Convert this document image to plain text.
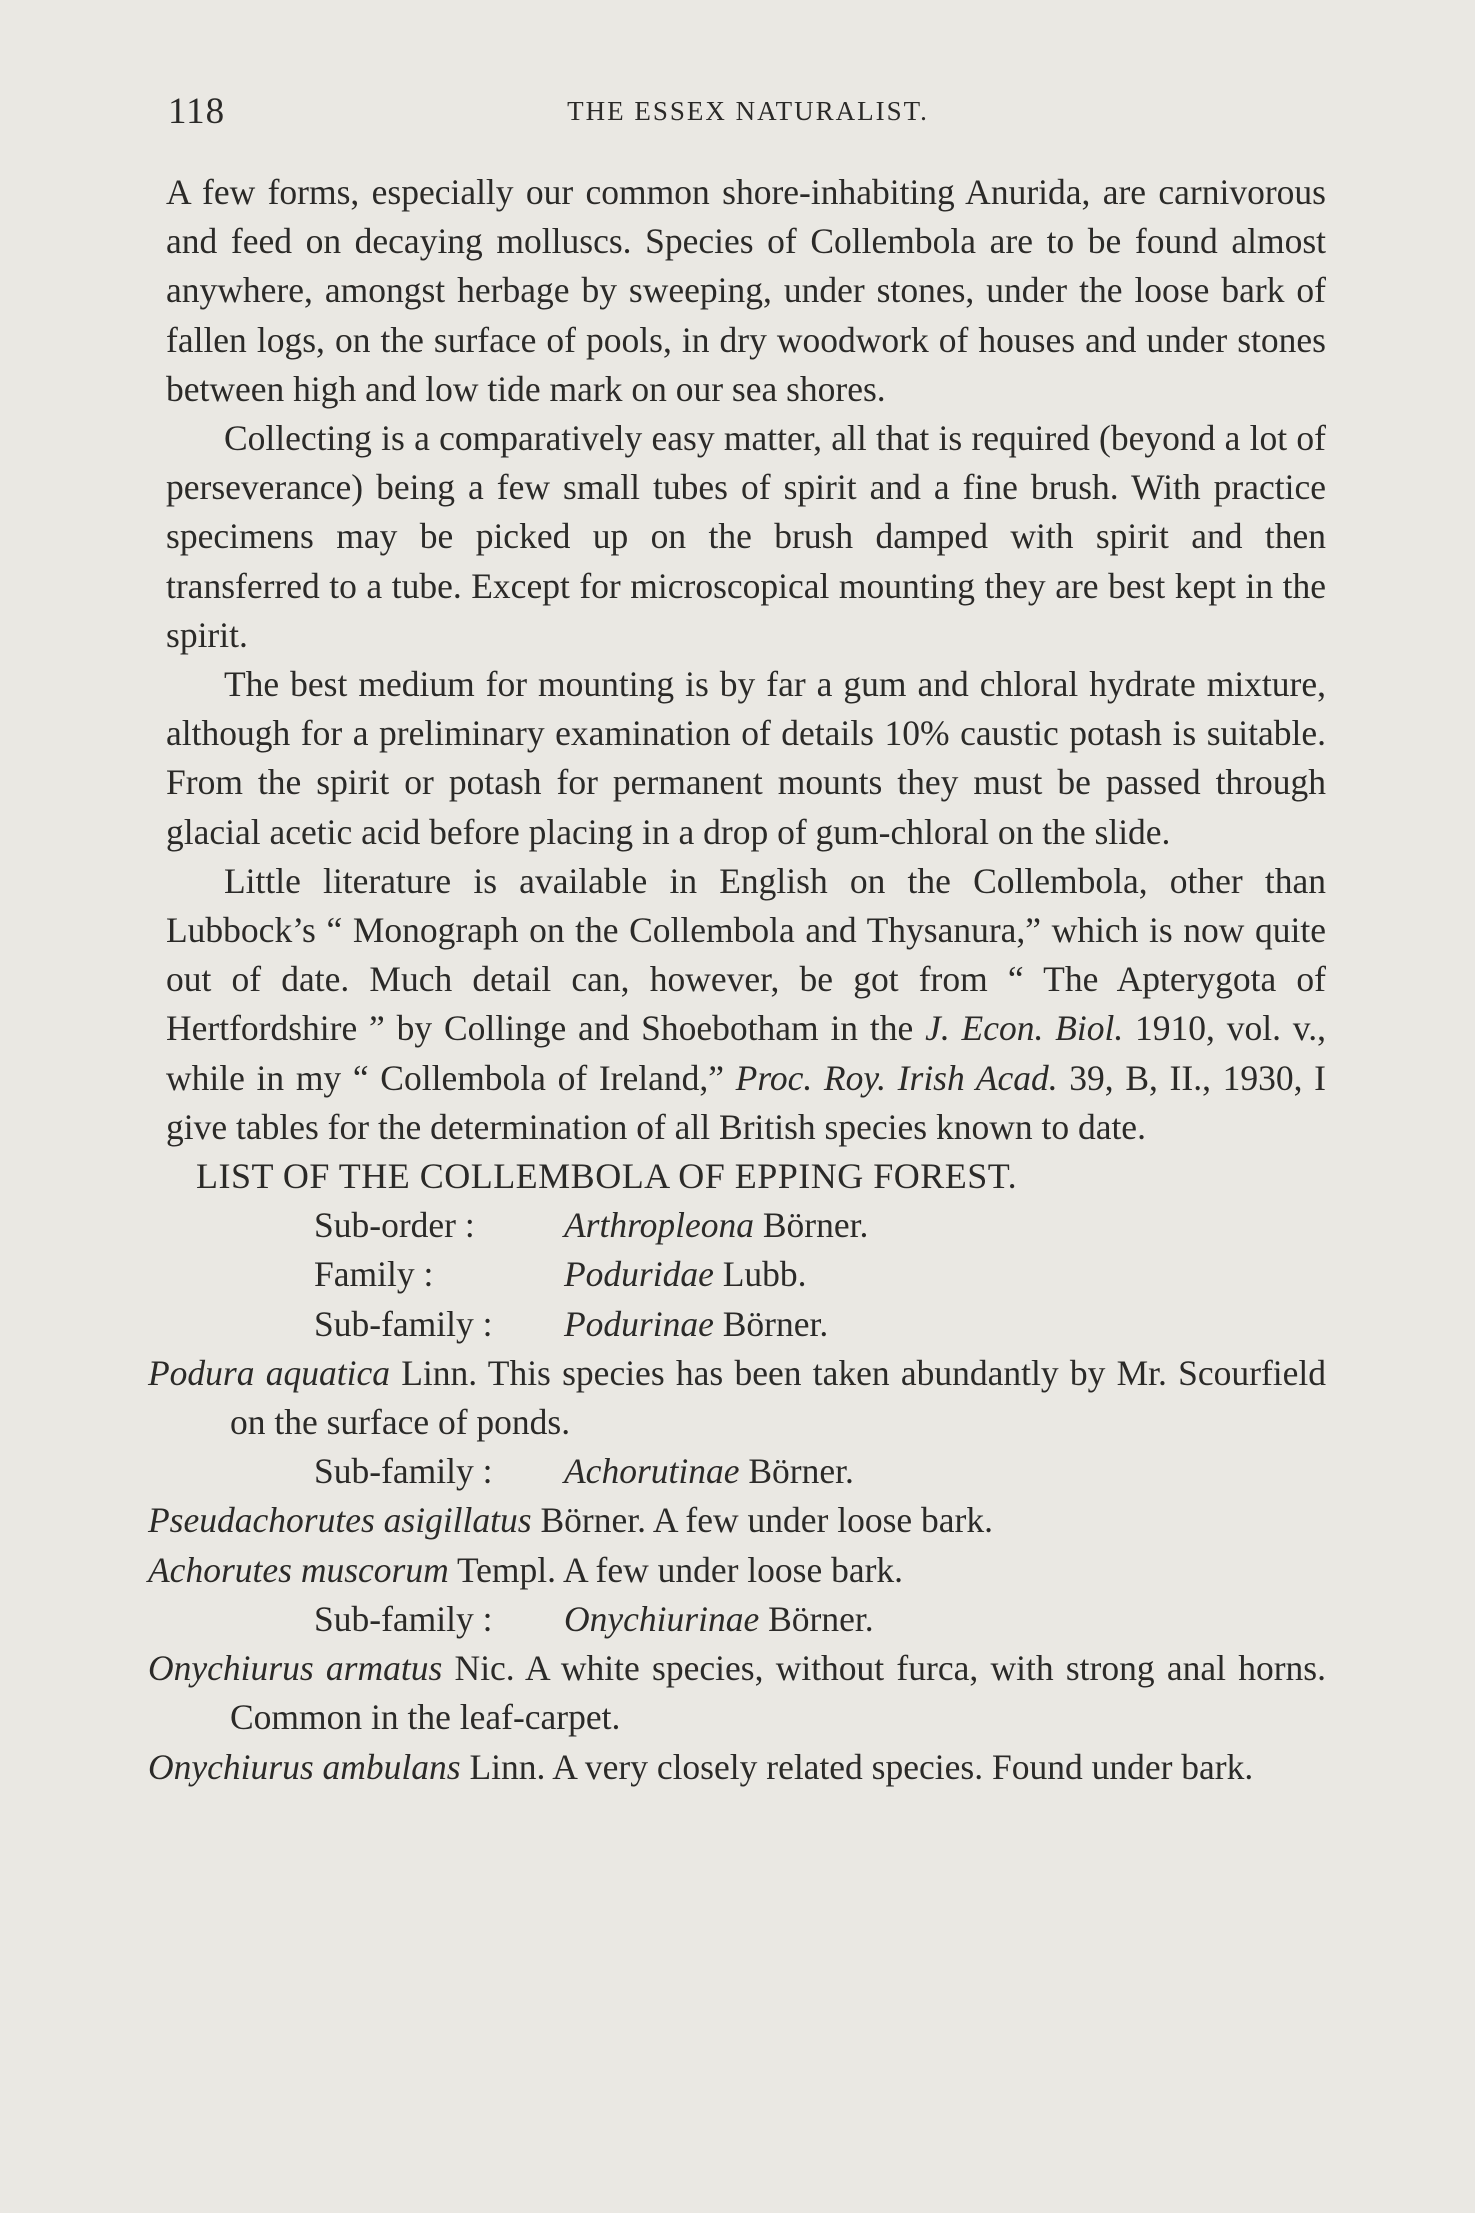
118	THE ESSEX NATURALIST.

A few forms, especially our common shore-inhabiting Anurida, are carnivorous and feed on decaying molluscs. Species of Collembola are to be found almost anywhere, amongst herbage by sweeping, under stones, under the loose bark of fallen logs, on the surface of pools, in dry woodwork of houses and under stones between high and low tide mark on our sea shores.

Collecting is a comparatively easy matter, all that is required (beyond a lot of perseverance) being a few small tubes of spirit and a fine brush. With practice specimens may be picked up on the brush damped with spirit and then transferred to a tube. Except for microscopical mounting they are best kept in the spirit.

The best medium for mounting is by far a gum and chloral hydrate mixture, although for a preliminary examination of details 10% caustic potash is suitable. From the spirit or potash for permanent mounts they must be passed through glacial acetic acid before placing in a drop of gum-chloral on the slide.

Little literature is available in English on the Collembola, other than Lubbock’s “ Monograph on the Collembola and Thysanura,” which is now quite out of date. Much detail can, however, be got from “ The Apterygota of Hertfordshire ” by Collinge and Shoebotham in the J. Econ. Biol. 1910, vol. v., while in my “ Collembola of Ireland,” Proc. Roy. Irish Acad. 39, B, II., 1930, I give tables for the determination of all British species known to date.

LIST OF THE COLLEMBOLA OF EPPING FOREST.

Sub-order :	Arthropleona Börner.

Family :	Poduridae Lubb.

Sub-family : Podurinae Börner.

Podura aquatica Linn. This species has been taken abundantly by Mr. Scourfield on the surface of ponds.

Sub-family : Achorutinae Börner.

Pseudachorutes asigillatus Börner. A few under loose bark.

Achorutes muscorum Templ. A few under loose bark.

Sub-family : Onychiurinae Börner.

Onychiurus armatus Nic. A white species, without furca, with strong anal horns. Common in the leaf-carpet.

Onychiurus ambulans Linn. A very closely related species. Found under bark.
